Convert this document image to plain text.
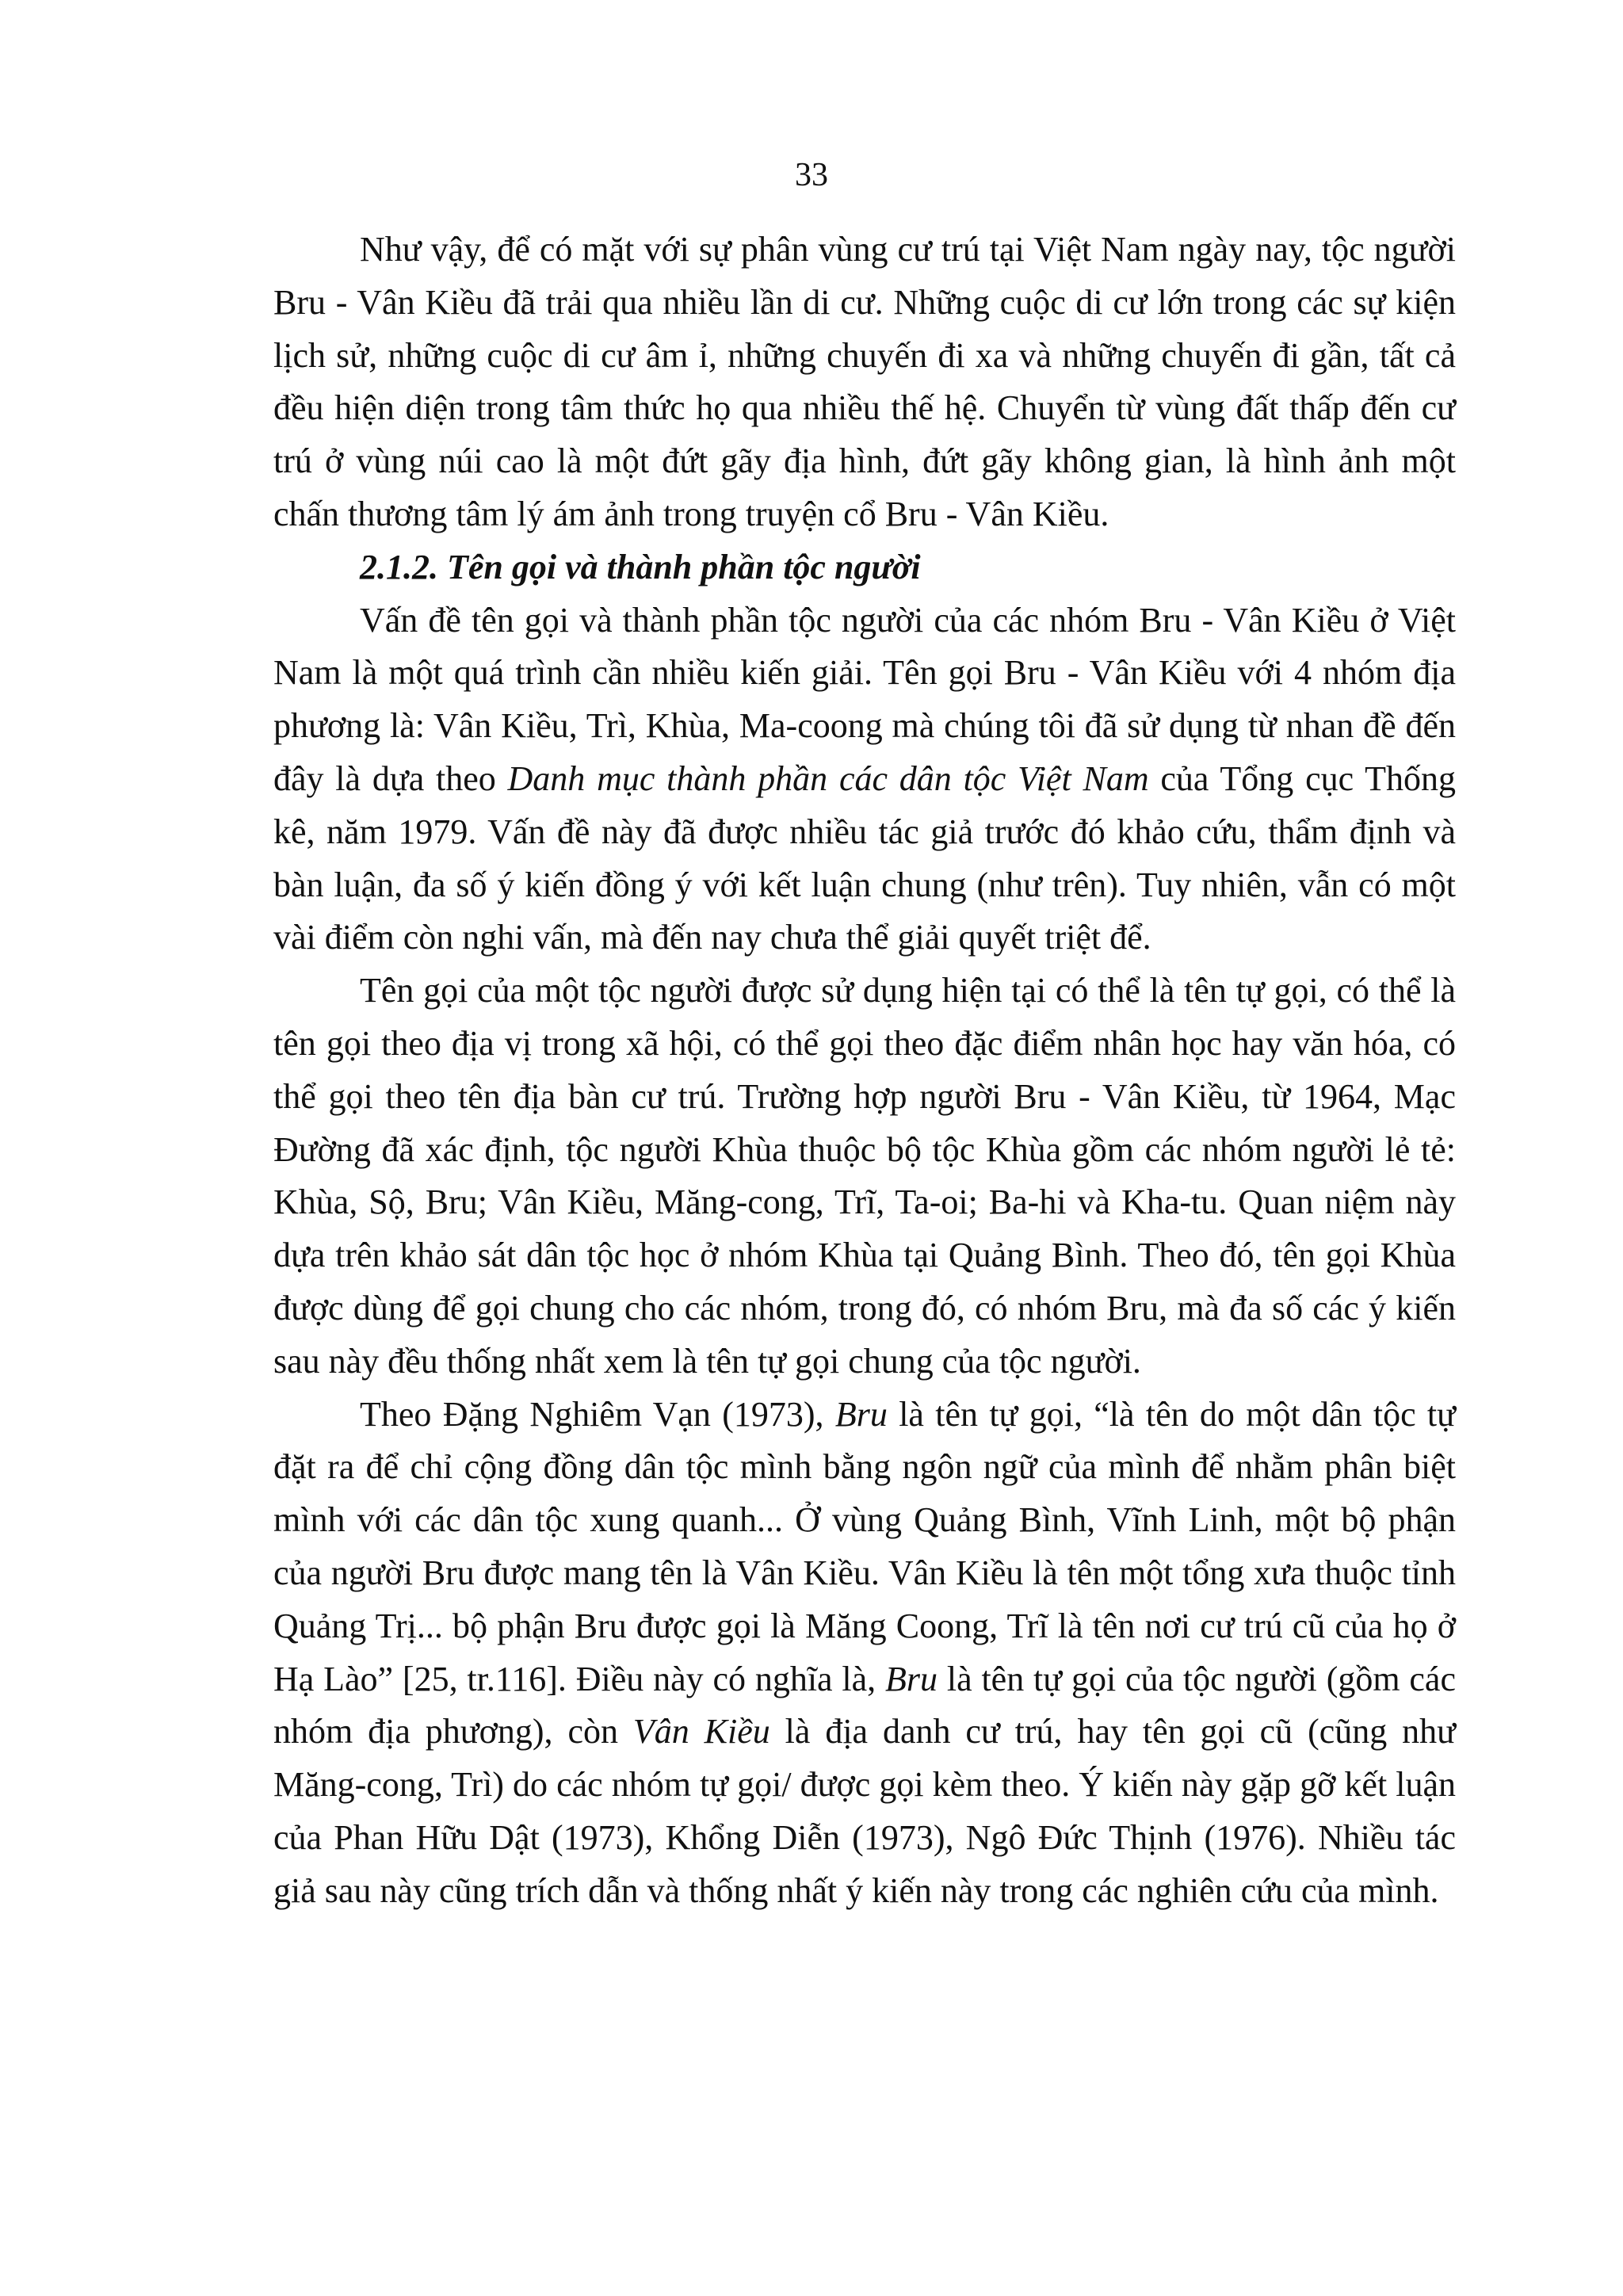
33

Như vậy, để có mặt với sự phân vùng cư trú tại Việt Nam ngày nay, tộc người Bru - Vân Kiều đã trải qua nhiều lần di cư. Những cuộc di cư lớn trong các sự kiện lịch sử, những cuộc di cư âm ỉ, những chuyến đi xa và những chuyến đi gần, tất cả đều hiện diện trong tâm thức họ qua nhiều thế hệ. Chuyển từ vùng đất thấp đến cư trú ở vùng núi cao là một đứt gãy địa hình, đứt gãy không gian, là hình ảnh một chấn thương tâm lý ám ảnh trong truyện cổ Bru - Vân Kiều.

2.1.2. Tên gọi và thành phần tộc người

Vấn đề tên gọi và thành phần tộc người của các nhóm Bru - Vân Kiều ở Việt Nam là một quá trình cần nhiều kiến giải. Tên gọi Bru - Vân Kiều với 4 nhóm địa phương là: Vân Kiều, Trì, Khùa, Ma-coong mà chúng tôi đã sử dụng từ nhan đề đến đây là dựa theo Danh mục thành phần các dân tộc Việt Nam của Tổng cục Thống kê, năm 1979. Vấn đề này đã được nhiều tác giả trước đó khảo cứu, thẩm định và bàn luận, đa số ý kiến đồng ý với kết luận chung (như trên). Tuy nhiên, vẫn có một vài điểm còn nghi vấn, mà đến nay chưa thể giải quyết triệt để.

Tên gọi của một tộc người được sử dụng hiện tại có thể là tên tự gọi, có thể là tên gọi theo địa vị trong xã hội, có thể gọi theo đặc điểm nhân học hay văn hóa, có thể gọi theo tên địa bàn cư trú. Trường hợp người Bru - Vân Kiều, từ 1964, Mạc Đường đã xác định, tộc người Khùa thuộc bộ tộc Khùa gồm các nhóm người lẻ tẻ: Khùa, Sộ, Bru; Vân Kiều, Măng-cong, Trĩ, Ta-oi; Ba-hi và Kha-tu. Quan niệm này dựa trên khảo sát dân tộc học ở nhóm Khùa tại Quảng Bình. Theo đó, tên gọi Khùa được dùng để gọi chung cho các nhóm, trong đó, có nhóm Bru, mà đa số các ý kiến sau này đều thống nhất xem là tên tự gọi chung của tộc người.

Theo Đặng Nghiêm Vạn (1973), Bru là tên tự gọi, “là tên do một dân tộc tự đặt ra để chỉ cộng đồng dân tộc mình bằng ngôn ngữ của mình để nhằm phân biệt mình với các dân tộc xung quanh... Ở vùng Quảng Bình, Vĩnh Linh, một bộ phận của người Bru được mang tên là Vân Kiều. Vân Kiều là tên một tổng xưa thuộc tỉnh Quảng Trị... bộ phận Bru được gọi là Măng Coong, Trĩ là tên nơi cư trú cũ của họ ở Hạ Lào” [25, tr.116]. Điều này có nghĩa là, Bru là tên tự gọi của tộc người (gồm các nhóm địa phương), còn Vân Kiều là địa danh cư trú, hay tên gọi cũ (cũng như Măng-cong, Trì) do các nhóm tự gọi/ được gọi kèm theo. Ý kiến này gặp gỡ kết luận của Phan Hữu Dật (1973), Khổng Diễn (1973), Ngô Đức Thịnh (1976). Nhiều tác giả sau này cũng trích dẫn và thống nhất ý kiến này trong các nghiên cứu của mình.
